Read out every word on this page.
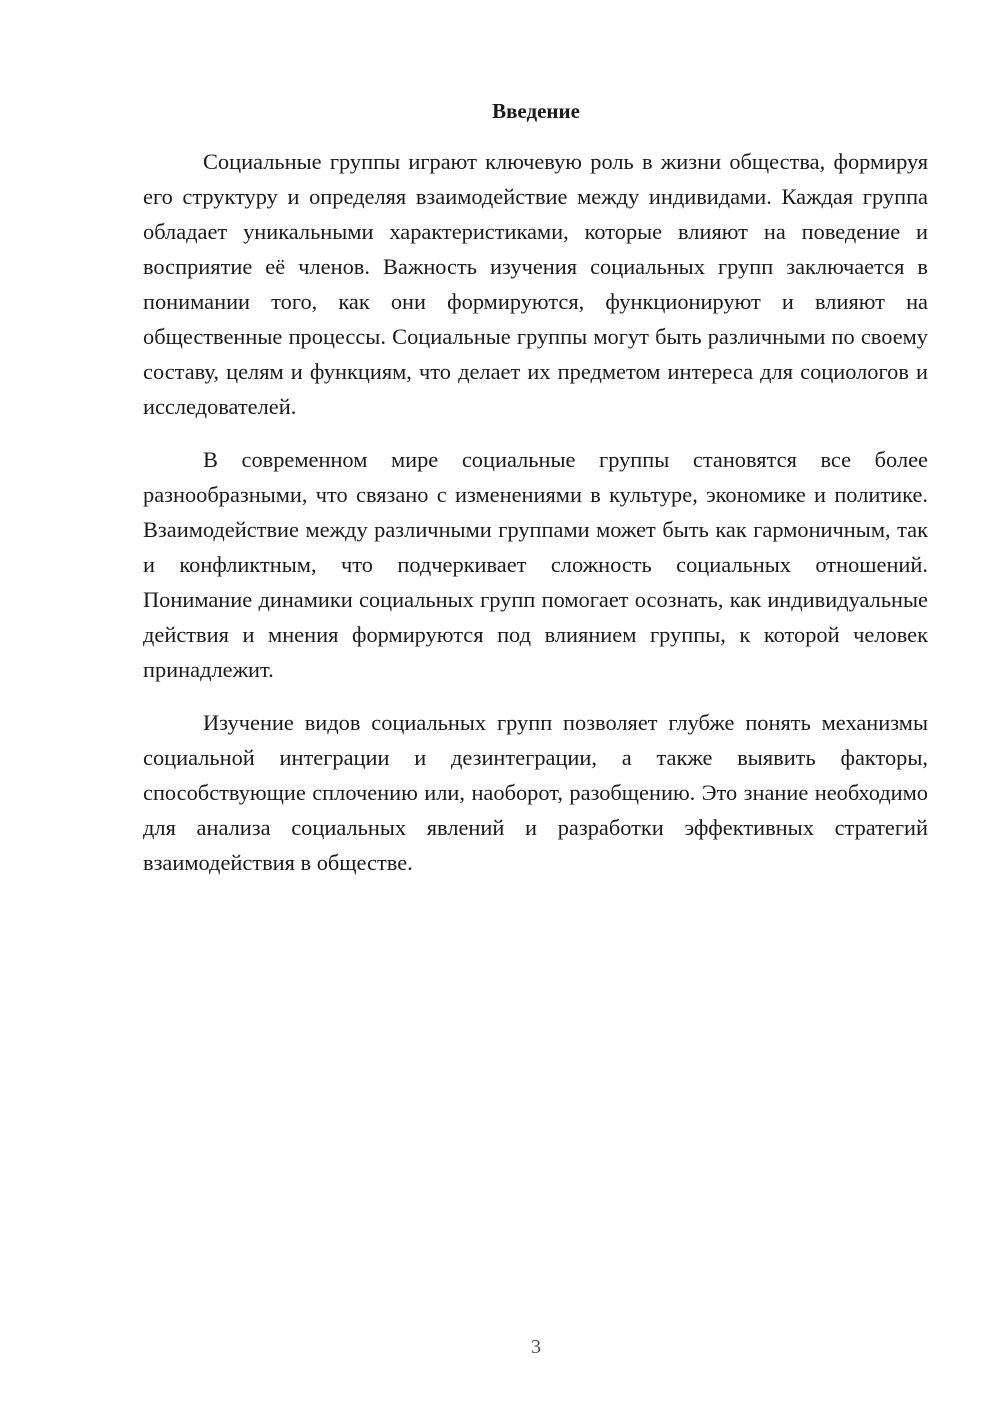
Введение

Социальные группы играют ключевую роль в жизни общества, формируя его структуру и определяя взаимодействие между индивидами. Каждая группа обладает уникальными характеристиками, которые влияют на поведение и восприятие её членов. Важность изучения социальных групп заключается в понимании того, как они формируются, функционируют и влияют на общественные процессы. Социальные группы могут быть различными по своему составу, целям и функциям, что делает их предметом интереса для социологов и исследователей.

В современном мире социальные группы становятся все более разнообразными, что связано с изменениями в культуре, экономике и политике. Взаимодействие между различными группами может быть как гармоничным, так и конфликтным, что подчеркивает сложность социальных отношений. Понимание динамики социальных групп помогает осознать, как индивидуальные действия и мнения формируются под влиянием группы, к которой человек принадлежит.

Изучение видов социальных групп позволяет глубже понять механизмы социальной интеграции и дезинтеграции, а также выявить факторы, способствующие сплочению или, наоборот, разобщению. Это знание необходимо для анализа социальных явлений и разработки эффективных стратегий взаимодействия в обществе.

3
